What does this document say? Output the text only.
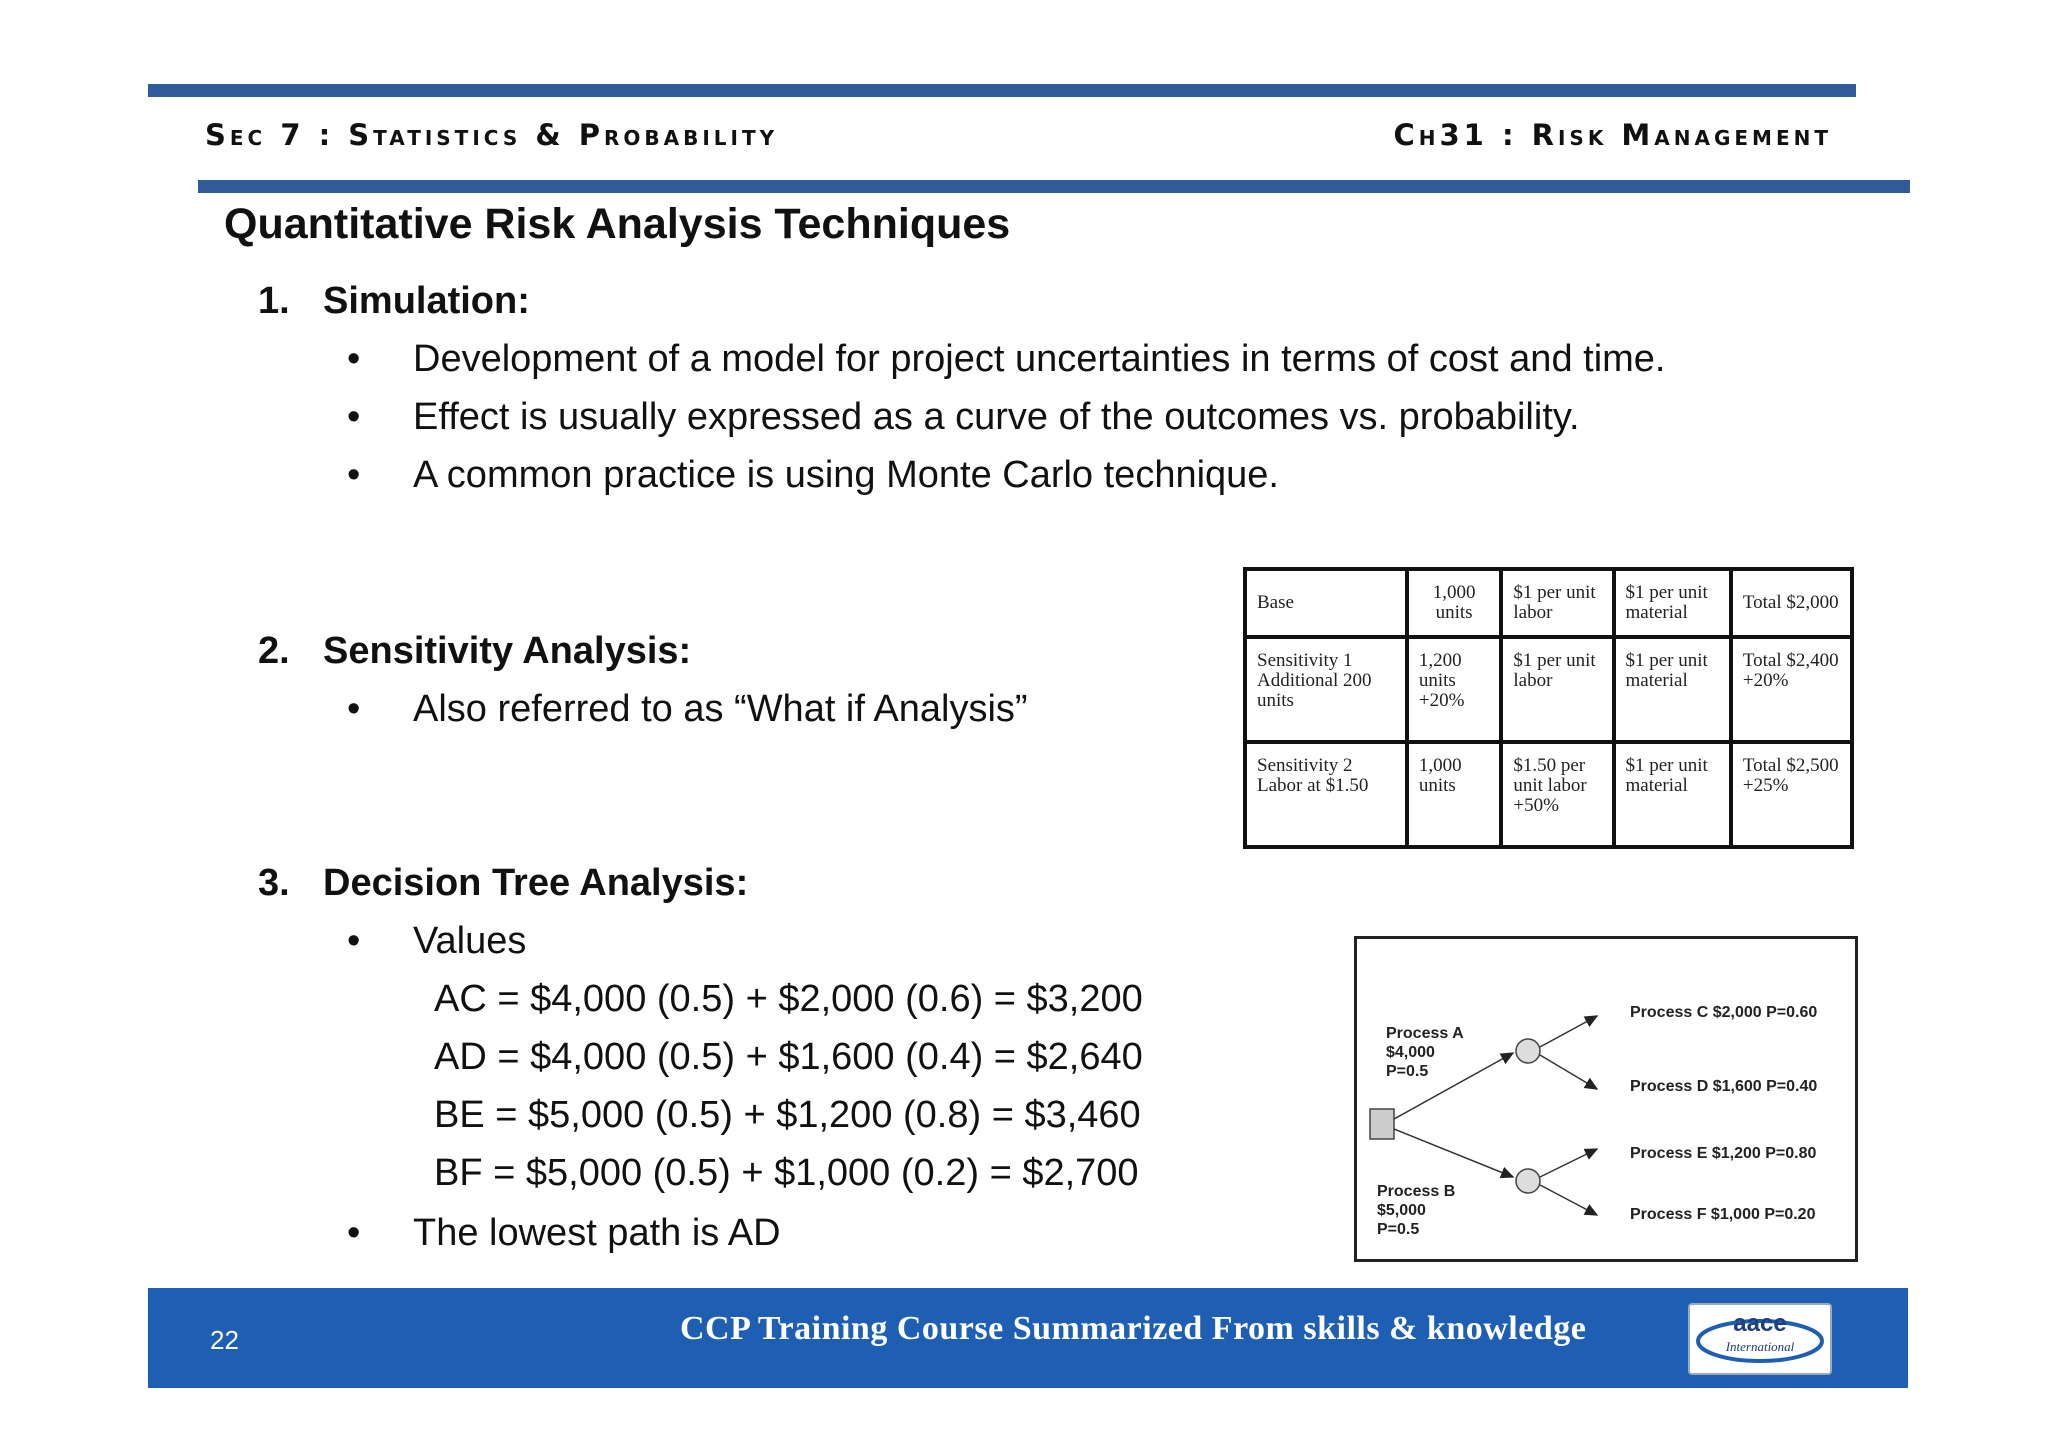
Sec 7 : Statistics & Probability	Ch31 : Risk Management
Quantitative Risk Analysis Techniques
1. Simulation:
• Development of a model for project uncertainties in terms of cost and time.
• Effect is usually expressed as a curve of the outcomes vs. probability.
• A common practice is using Monte Carlo technique.
2. Sensitivity Analysis:
• Also referred to as “What if Analysis”
Base	1,000 units	$1 per unit labor	$1 per unit material	Total $2,000
Sensitivity 1 Additional 200 units	1,200 units +20%	$1 per unit labor	$1 per unit material	Total $2,400 +20%
Sensitivity 2 Labor at $1.50	1,000 units	$1.50 per unit labor +50%	$1 per unit material	Total $2,500 +25%
3. Decision Tree Analysis:
• Values
AC = $4,000 (0.5) + $2,000 (0.6) = $3,200
AD = $4,000 (0.5) + $1,600 (0.4) = $2,640
BE = $5,000 (0.5) + $1,200 (0.8) = $3,460
BF = $5,000 (0.5) + $1,000 (0.2) = $2,700
• The lowest path is AD
Process A
$4,000
P=0.5
Process B
$5,000
P=0.5
Process C $2,000 P=0.60
Process D $1,600 P=0.40
Process E $1,200 P=0.80
Process F $1,000 P=0.20
22	CCP Training Course Summarized From skills & knowledge	aace
International
